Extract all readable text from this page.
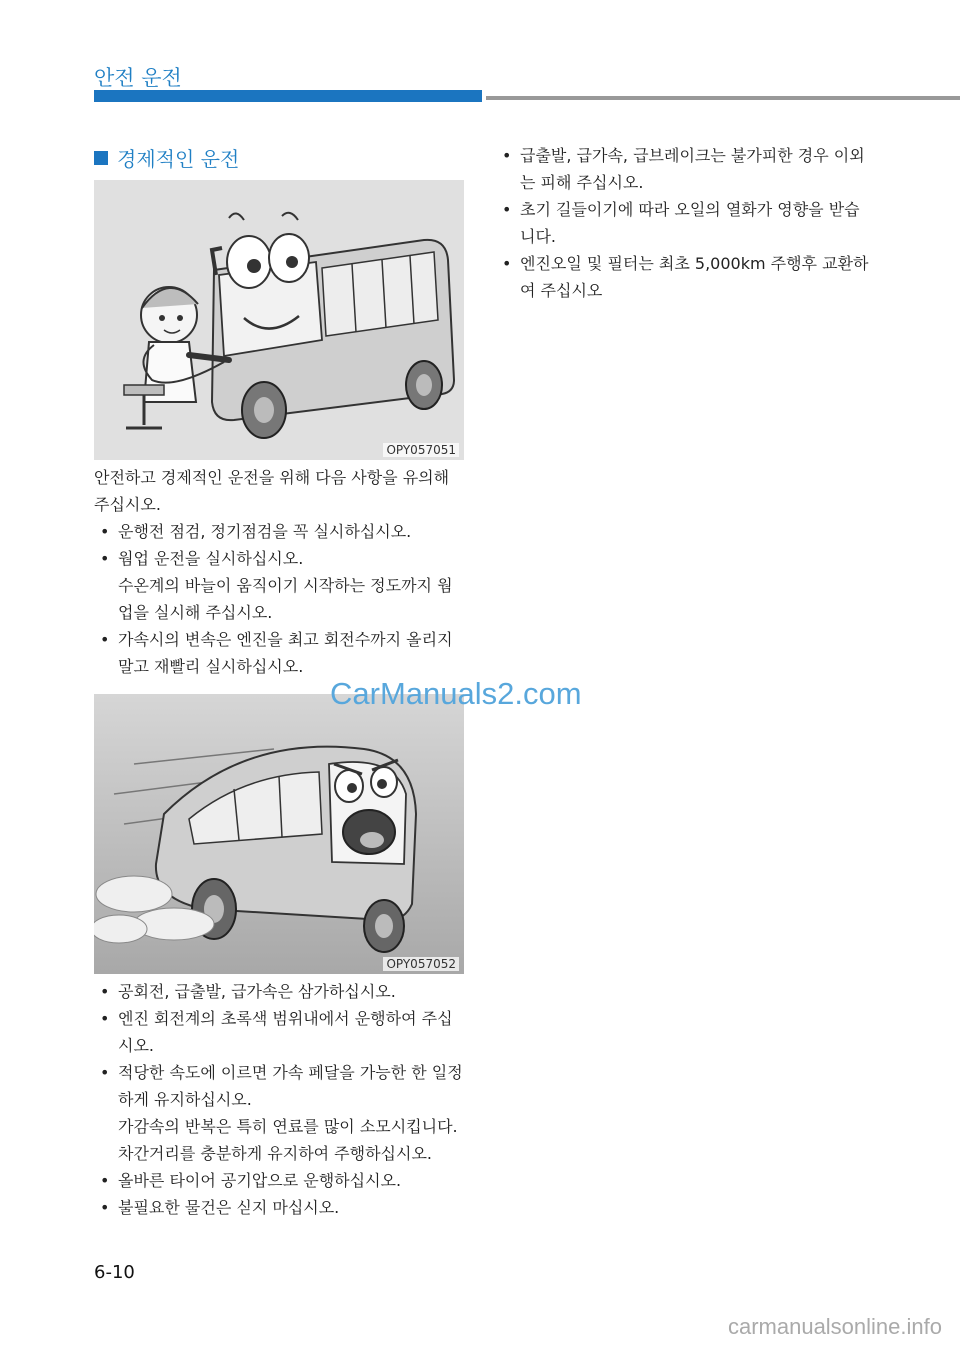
안전 운전
경제적인 운전
OPY057051

안전하고 경제적인 운전을 위해 다음 사항을 유의해 주십시오.

• 운행전 점검, 정기점검을 꼭 실시하십시오.
• 웜업 운전을 실시하십시오.
수온계의 바늘이 움직이기 시작하는 정도까지 웜업을 실시해 주십시오.
• 가속시의 변속은 엔진을 최고 회전수까지 올리지 말고 재빨리 실시하십시오.
OPY057052
• 공회전, 급출발, 급가속은 삼가하십시오.
• 엔진 회전계의 초록색 범위내에서 운행하여 주십시오.
• 적당한 속도에 이르면 가속 페달을 가능한 한 일정하게 유지하십시오.
가감속의 반복은 특히 연료를 많이 소모시킵니다.
차간거리를 충분하게 유지하여 주행하십시오.
• 올바른 타이어 공기압으로 운행하십시오.
• 불필요한 물건은 싣지 마십시오.
• 급출발, 급가속, 급브레이크는 불가피한 경우 이외는 피해 주십시오.
• 초기 길들이기에 따라 오일의 열화가 영향을 받습니다.
• 엔진오일 및 필터는 최초 5,000km 주행후 교환하여 주십시오
CarManuals2.com
6-10
carmanualsonline.info
